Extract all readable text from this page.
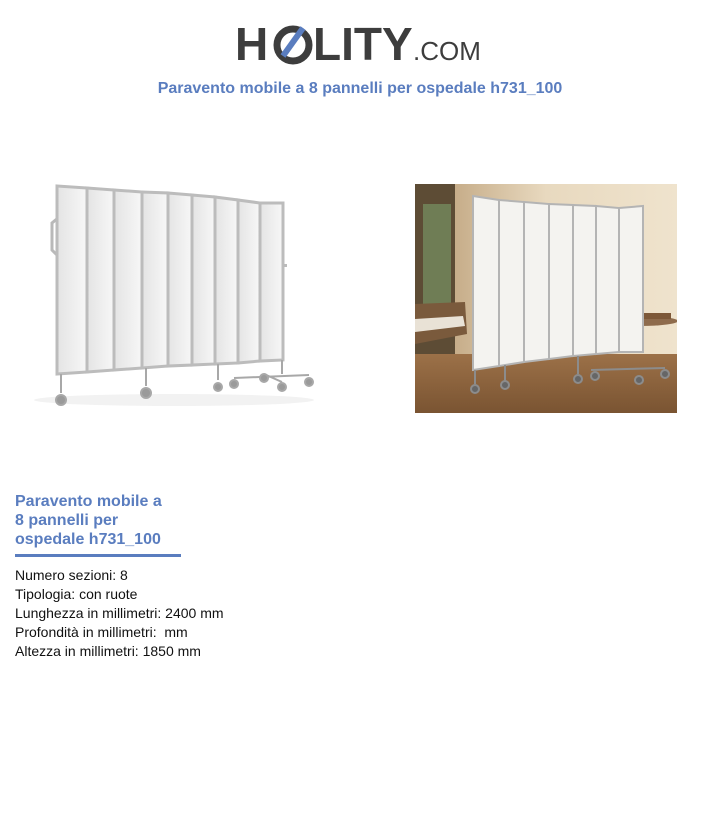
H LITY .COM
Paravento mobile a 8 pannelli per ospedale h731_100
Paravento mobile a
8 pannelli per
ospedale h731_100
Numero sezioni: 8
Tipologia: con ruote
Lunghezza in millimetri: 2400 mm
Profondità in millimetri:  mm
Altezza in millimetri: 1850 mm
